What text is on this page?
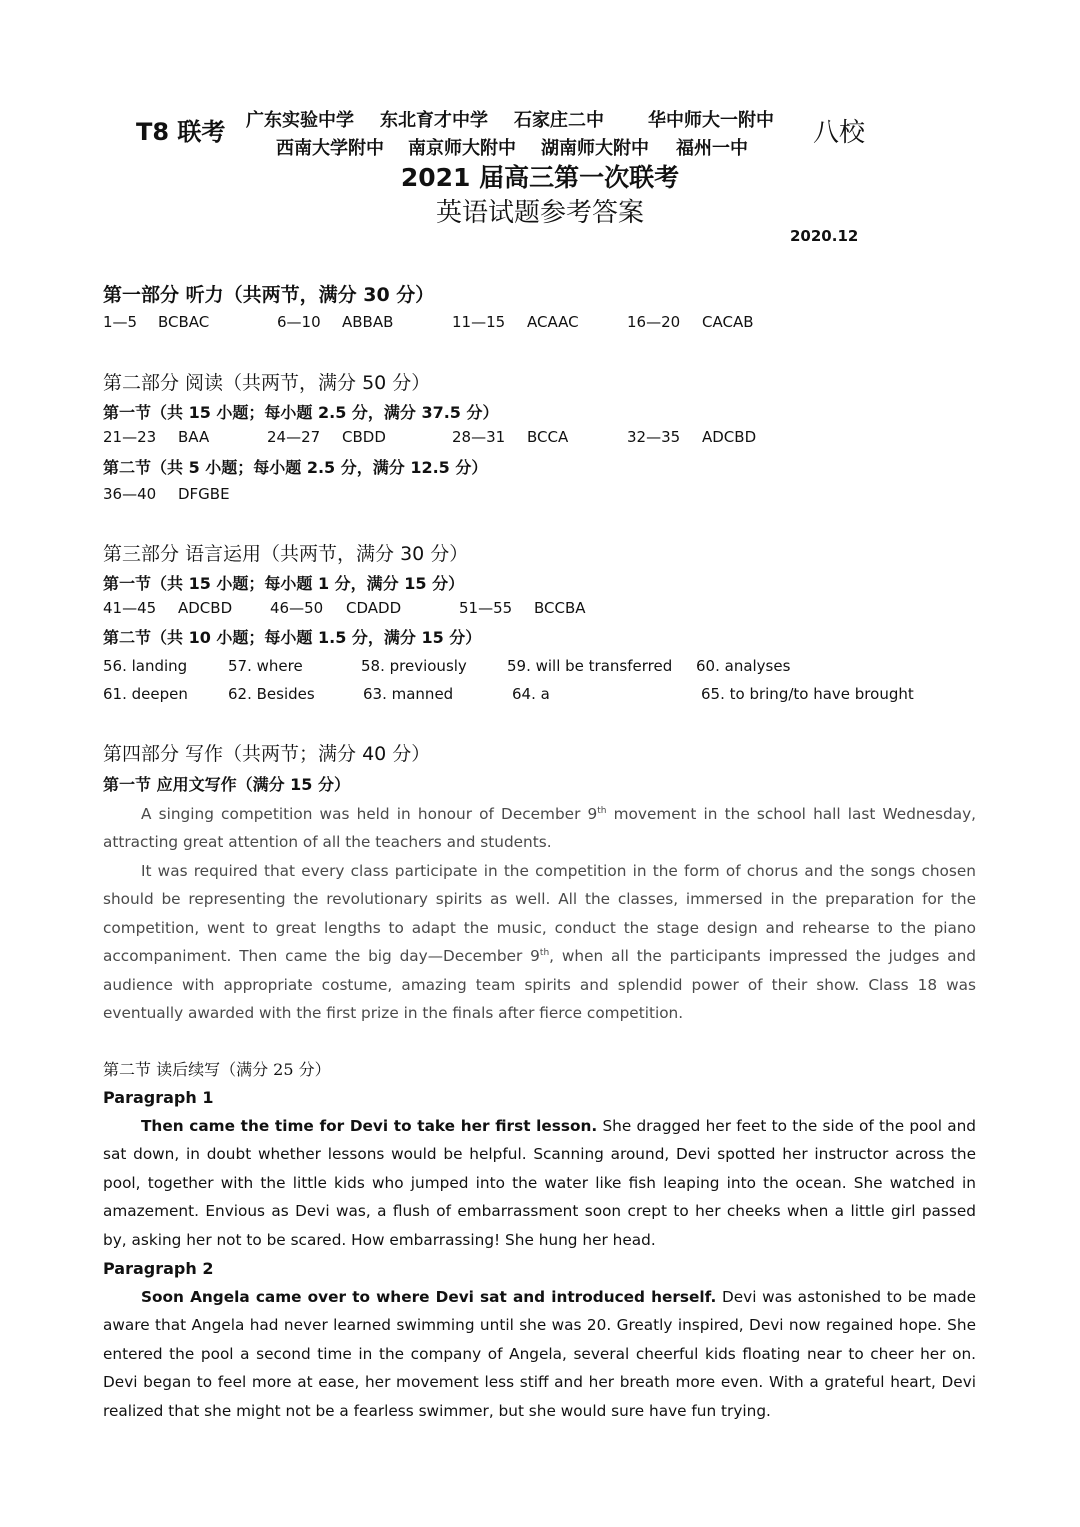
T8 联考 广东实验中学 东北育才中学 石家庄二中 华中师大一附中
西南大学附中 南京师大附中 湖南师大附中 福州一中
八校
2021 届高三第一次联考
英语试题参考答案
2020.12
第一部分 听力（共两节，满分 30 分）
1—5 BCBAC	6—10 ABBAB	11—15 ACAAC	16—20 CACAB
第二部分 阅读（共两节，满分 50 分）
第一节（共 15 小题；每小题 2.5 分，满分 37.5 分）
21—23 BAA	24—27 CBDD	28—31 BCCA	32—35 ADCBD
第二节（共 5 小题；每小题 2.5 分，满分 12.5 分）
36—40 DFGBE
第三部分 语言运用（共两节，满分 30 分）
第一节（共 15 小题；每小题 1 分，满分 15 分）
41—45 ADCBD	46—50 CDADD	51—55 BCCBA
第二节（共 10 小题；每小题 1.5 分，满分 15 分）
56. landing	57. where	58. previously	59. will be transferred 60. analyses
61. deepen	62. Besides	63. manned	64. a	65. to bring/to have brought
第四部分 写作（共两节；满分 40 分）
第一节 应用文写作（满分 15 分）
A singing competition was held in honour of December 9th movement in the school hall last Wednesday, attracting great attention of all the teachers and students.
It was required that every class participate in the competition in the form of chorus and the songs chosen should be representing the revolutionary spirits as well. All the classes, immersed in the preparation for the competition, went to great lengths to adapt the music, conduct the stage design and rehearse to the piano accompaniment. Then came the big day—December 9th, when all the participants impressed the judges and audience with appropriate costume, amazing team spirits and splendid power of their show. Class 18 was eventually awarded with the first prize in the finals after fierce competition.
第二节 读后续写（满分 25 分）
Paragraph 1
Then came the time for Devi to take her first lesson. She dragged her feet to the side of the pool and sat down, in doubt whether lessons would be helpful. Scanning around, Devi spotted her instructor across the pool, together with the little kids who jumped into the water like fish leaping into the ocean. She watched in amazement. Envious as Devi was, a flush of embarrassment soon crept to her cheeks when a little girl passed by, asking her not to be scared. How embarrassing! She hung her head.
Paragraph 2
Soon Angela came over to where Devi sat and introduced herself. Devi was astonished to be made aware that Angela had never learned swimming until she was 20. Greatly inspired, Devi now regained hope. She entered the pool a second time in the company of Angela, several cheerful kids floating near to cheer her on. Devi began to feel more at ease, her movement less stiff and her breath more even. With a grateful heart, Devi realized that she might not be a fearless swimmer, but she would sure have fun trying.
